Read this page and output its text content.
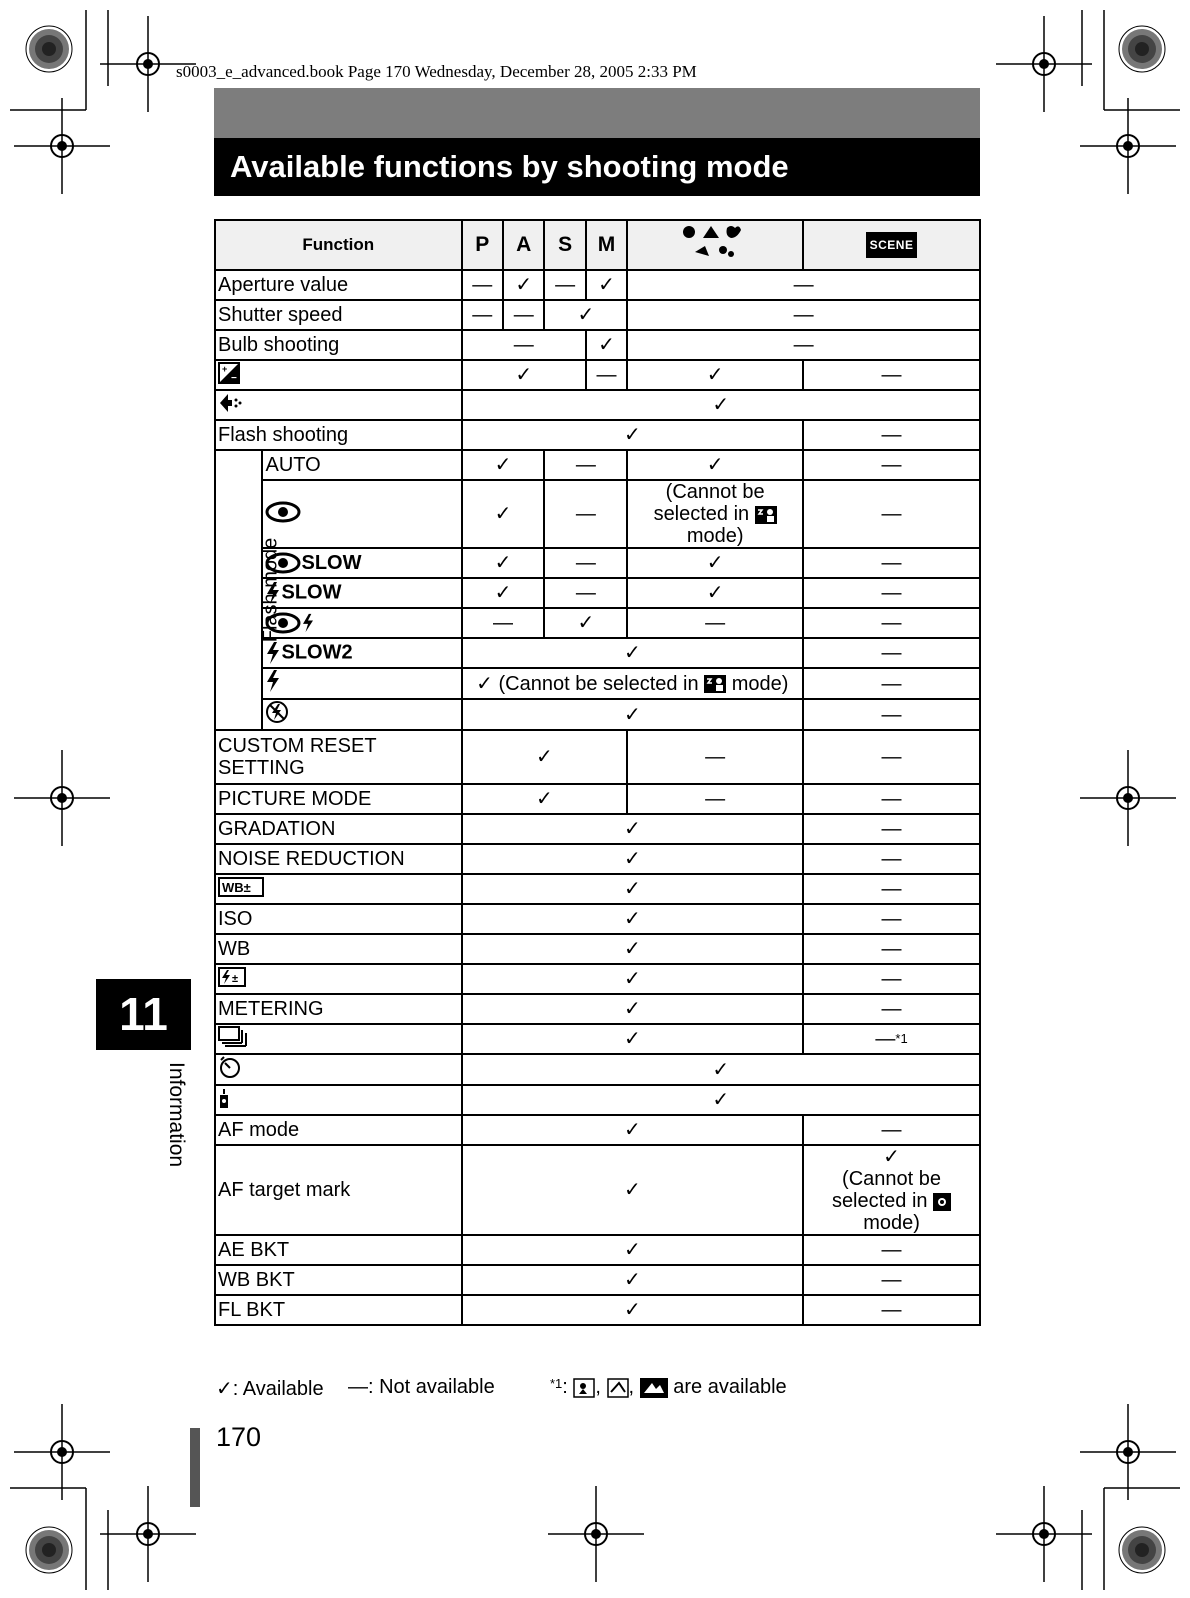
s0003_e_advanced.book Page 170 Wednesday, December 28, 2005 2:33 PM
Available functions by shooting mode
Function		P	A	S	M		SCENE
Aperture value		—	✓	—	✓	—	
Shutter speed		—	—	✓		—	
Bulb shooting		—			✓	—	

+
−		✓			—	✓	—
	✓					
Flash shooting		✓					—
Flash mode	AUTO	✓		—		✓	—
	✓		—		(Cannot be selected in
mode)	—
	SLOW	✓		—		✓	—
	SLOW	✓		—		✓	—
	—		✓		—	—
	SLOW2	✓					—
	✓ (Cannot be selected in mode)					—
	✓					—
CUSTOM RESET
SETTING		✓				—	—
PICTURE MODE		✓				—	—
GRADATION		✓					—
NOISE REDUCTION		✓					—

WB±		✓					—
ISO		✓					—
WB		✓					—

±		✓					—
METERING		✓					—
	✓					—$^{*1}$
	✓					
	✓					
AF mode		✓					—
AF target mark		✓					✓
(Cannot be
selected in
mode)
AE BKT		✓					—
WB BKT		✓					—
FL BKT		✓					—
✓: Available —: Not available	$^{*1}$: , ,  are available
11
Information
170
